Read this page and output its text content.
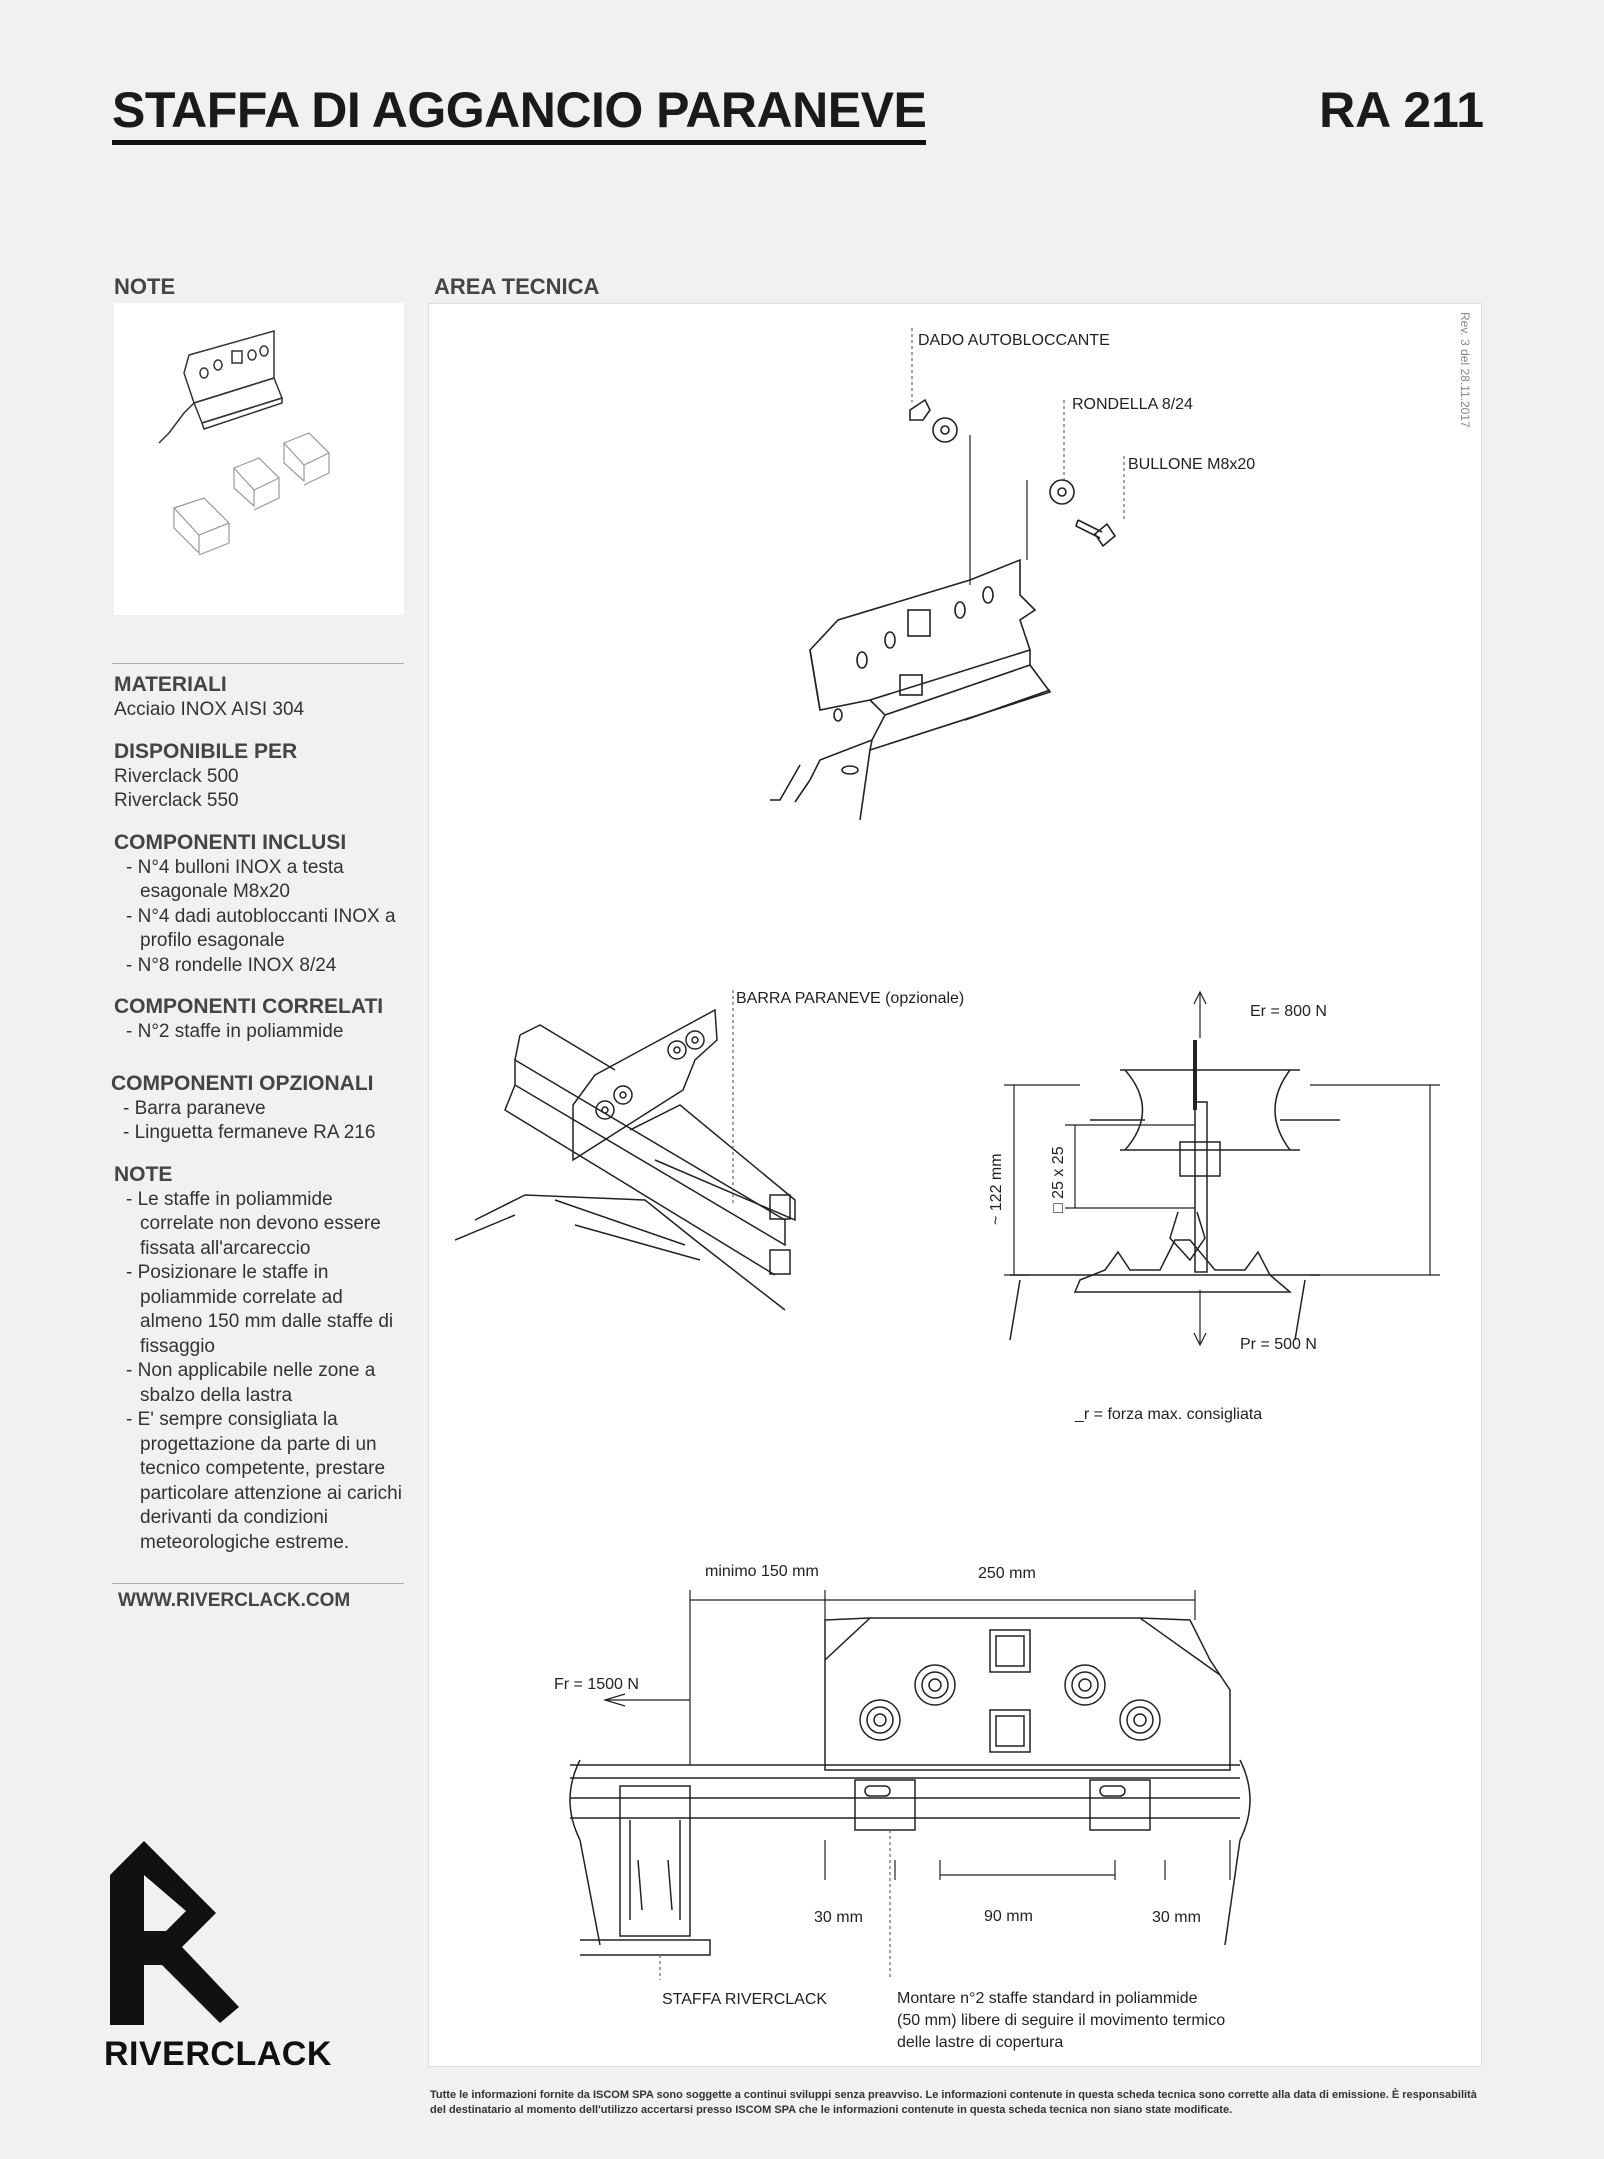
STAFFA DI AGGANCIO PARANEVE	RA 211
NOTE	AREA TECNICA
MATERIALI
Acciaio INOX AISI 304
DISPONIBILE PER
Riverclack 500
Riverclack 550
COMPONENTI INCLUSI
- N°4 bulloni INOX a testa esagonale M8x20
- N°4 dadi autobloccanti INOX a profilo esagonale
- N°8 rondelle INOX 8/24
COMPONENTI CORRELATI
- N°2 staffe in poliammide
COMPONENTI OPZIONALI
- Barra paraneve
- Linguetta fermaneve RA 216
NOTE
- Le staffe in poliammide correlate non devono essere fissata all'arcareccio
- Posizionare le staffe in poliammide correlate ad almeno 150 mm dalle staffe di fissaggio
- Non applicabile nelle zone a sbalzo della lastra
- E' sempre consigliata la progettazione da parte di un tecnico competente, prestare particolare attenzione ai carichi derivanti da condizioni meteorologiche estreme.
WWW.RIVERCLACK.COM
RIVERCLACK
Rev. 3 del 28.11.2017
DADO AUTOBLOCCANTE
RONDELLA 8/24
BULLONE M8x20
BARRA PARANEVE (opzionale)
Er = 800 N
Pr = 500 N
~ 122 mm	□ 25 x 25
_r = forza max. consigliata
minimo 150 mm	250 mm
Fr = 1500 N
30 mm	90 mm	30 mm
STAFFA RIVERCLACK	Montare n°2 staffe standard in poliammide
(50 mm) libere di seguire il movimento termico
delle lastre di copertura
Tutte le informazioni fornite da ISCOM SPA sono soggette a continui sviluppi senza preavviso. Le informazioni contenute in questa scheda tecnica sono corrette alla data di emissione. È responsabilità del destinatario al momento dell'utilizzo accertarsi presso ISCOM SPA che le informazioni contenute in questa scheda tecnica non siano state modificate.
